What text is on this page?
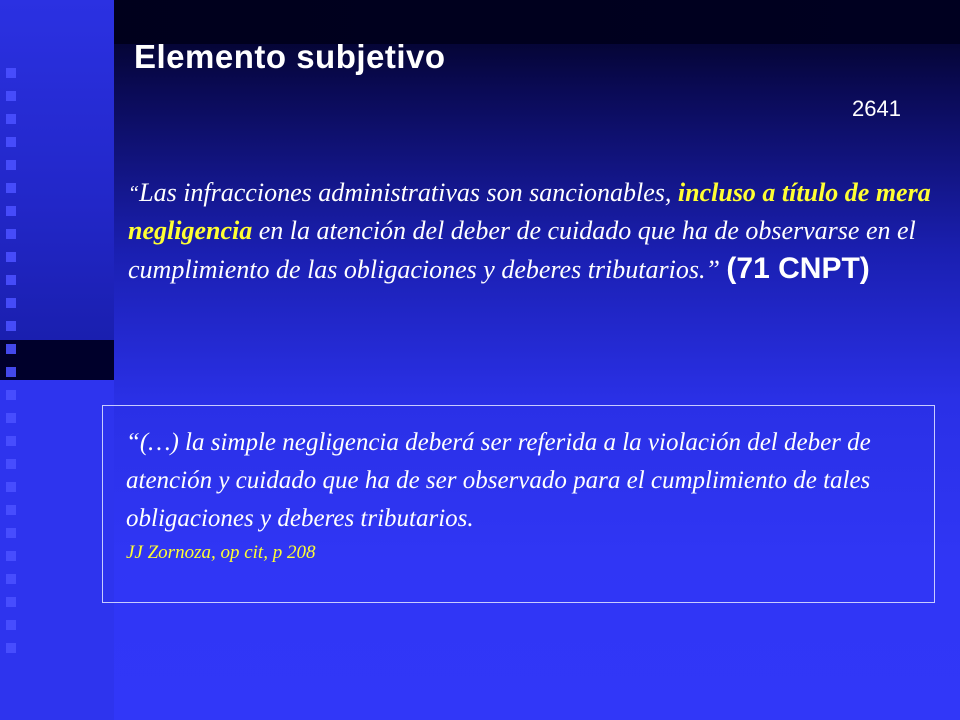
Elemento subjetivo
2641
“Las infracciones administrativas son sancionables, incluso a título de mera negligencia en la atención del deber de cuidado que ha de observarse en el cumplimiento de las obligaciones y deberes tributarios.” (71 CNPT)
“(…) la simple negligencia deberá ser referida a la violación del deber de atención y cuidado que ha de ser observado para el cumplimiento de tales obligaciones y deberes tributarios.
JJ Zornoza, op cit, p 208
